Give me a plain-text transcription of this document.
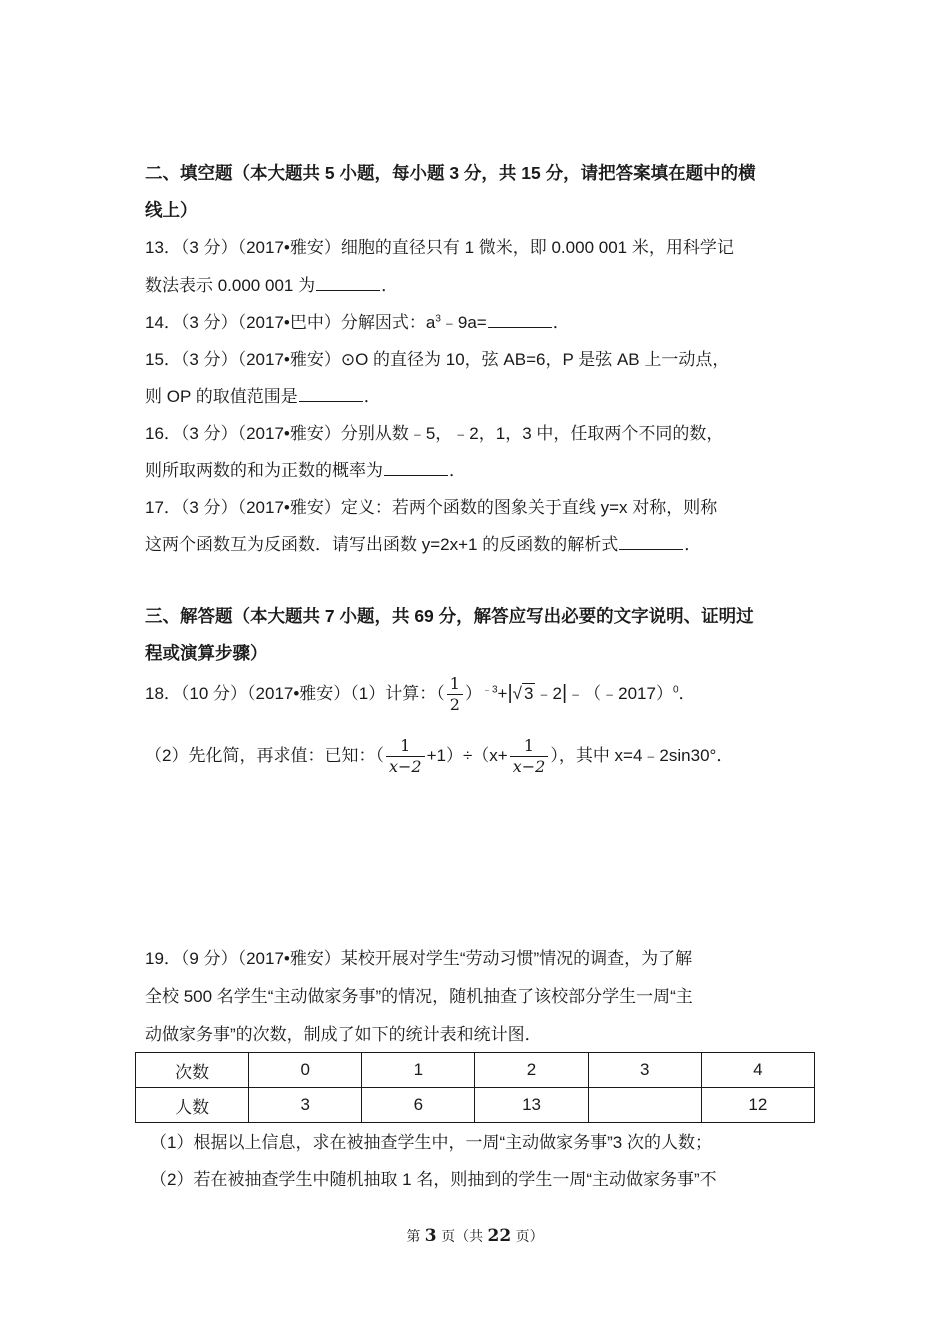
二、填空题（本大题共 5 小题，每小题 3 分，共 15 分，请把答案填在题中的横
线上）
13．（3 分）（2017•雅安）细胞的直径只有 1 微米，即 0.000 001 米，用科学记
数法表示 0.000 001 为	．
14．（3 分）（2017•巴中）分解因式：$a^3﹣9a=$	．
15．（3 分）（2017•雅安）⊙O 的直径为 10，弦 AB=6，P 是弦 AB 上一动点，
则 OP 的取值范围是	．
16．（3 分）（2017•雅安）分别从数﹣5，﹣2，1，3 中，任取两个不同的数，
则所取两数的和为正数的概率为	．
17．（3 分）（2017•雅安）定义：若两个函数的图象关于直线 y=x 对称，则称
这两个函数互为反函数．请写出函数 y=2x+1 的反函数的解析式	．
三、解答题（本大题共 7 小题，共 69 分，解答应写出必要的文字说明、证明过
程或演算步骤）
18．（10 分）（2017•雅安）（1）计算：（ $\frac{1}{2} )^{﹣3}+|√$ 3 ﹣2|﹣（﹣2017）$^0$．
（2）先化简，再求值：已知：（ $\frac{1}{x-2} +1)\div(x+ \frac{1}{x-2}$ ），其中 x=4﹣2sin30°．
19．（9 分）（2017•雅安）某校开展对学生“劳动习惯”情况的调查，为了解
全校 500 名学生“主动做家务事”的情况，随机抽查了该校部分学生一周“主
动做家务事”的次数，制成了如下的统计表和统计图．
次数	0	1	2	3	4
人数	3	6	13		12
（1）根据以上信息，求在被抽查学生中，一周“主动做家务事”3 次的人数；
（2）若在被抽查学生中随机抽取 1 名，则抽到的学生一周“主动做家务事”不
第 3 页（共 22 页）
